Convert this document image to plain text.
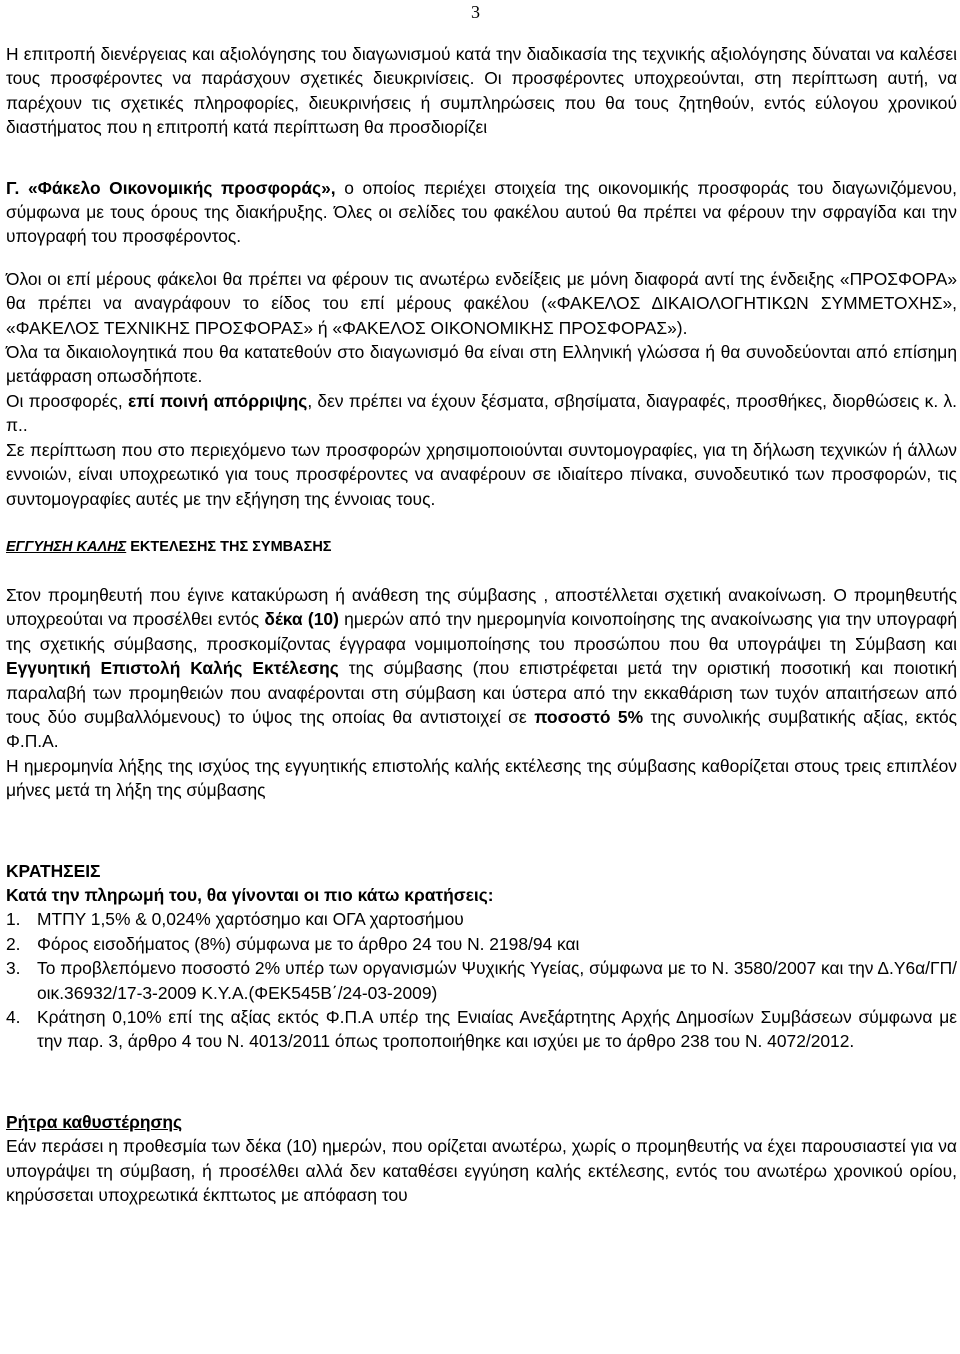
3

Η επιτροπή διενέργειας και αξιολόγησης του διαγωνισμού κατά την διαδικασία της τεχνικής αξιολόγησης δύναται να καλέσει τους προσφέροντες να παράσχουν σχετικές διευκρινίσεις. Οι προσφέροντες υποχρεούνται, στη περίπτωση αυτή, να παρέχουν τις σχετικές πληροφορίες, διευκρινήσεις ή συμπληρώσεις που θα τους ζητηθούν, εντός εύλογου χρονικού διαστήματος που η επιτροπή κατά περίπτωση θα προσδιορίζει

Γ. «Φάκελο Οικονομικής προσφοράς», ο οποίος περιέχει στοιχεία της οικονομικής προσφοράς του διαγωνιζόμενου, σύμφωνα με τους όρους της διακήρυξης. Όλες οι σελίδες του φακέλου αυτού θα πρέπει να φέρουν την σφραγίδα και την υπογραφή του προσφέροντος.

Όλοι οι επί μέρους φάκελοι θα πρέπει να φέρουν τις ανωτέρω ενδείξεις με μόνη διαφορά αντί της ένδειξης «ΠΡΟΣΦΟΡΑ» θα πρέπει να αναγράφουν το είδος του επί μέρους φακέλου («ΦΑΚΕΛΟΣ ΔΙΚΑΙΟΛΟΓΗΤΙΚΩΝ ΣΥΜΜΕΤΟΧΗΣ», «ΦΑΚΕΛΟΣ ΤΕΧΝΙΚΗΣ ΠΡΟΣΦΟΡΑΣ» ή «ΦΑΚΕΛΟΣ ΟΙΚΟΝΟΜΙΚΗΣ ΠΡΟΣΦΟΡΑΣ»).

Όλα τα δικαιολογητικά που θα κατατεθούν στο διαγωνισμό θα είναι στη Ελληνική γλώσσα ή θα συνοδεύονται από επίσημη μετάφραση οπωσδήποτε.

Οι προσφορές, επί ποινή απόρριψης, δεν πρέπει να έχουν ξέσματα, σβησίματα, διαγραφές, προσθήκες, διορθώσεις κ. λ. π..

Σε περίπτωση που στο περιεχόμενο των προσφορών χρησιμοποιούνται συντομογραφίες, για τη δήλωση τεχνικών ή άλλων εννοιών, είναι υποχρεωτικό για τους προσφέροντες να αναφέρουν σε ιδιαίτερο πίνακα, συνοδευτικό των προσφορών, τις συντομογραφίες αυτές με την εξήγηση της έννοιας τους.

ΕΓΓΥΗΣΗ ΚΑΛΗΣ ΕΚΤΕΛΕΣΗΣ ΤΗΣ ΣΥΜΒΑΣΗΣ

Στον προμηθευτή που έγινε κατακύρωση ή ανάθεση της σύμβασης , αποστέλλεται σχετική ανακοίνωση. Ο προμηθευτής υποχρεούται να προσέλθει εντός δέκα (10) ημερών από την ημερομηνία κοινοποίησης της ανακοίνωσης για την υπογραφή της σχετικής σύμβασης, προσκομίζοντας έγγραφα νομιμοποίησης του προσώπου που θα υπογράψει τη Σύμβαση και Εγγυητική Επιστολή Καλής Εκτέλεσης της σύμβασης (που επιστρέφεται μετά την οριστική ποσοτική και ποιοτική παραλαβή των προμηθειών που αναφέρονται στη σύμβαση και ύστερα από την εκκαθάριση των τυχόν απαιτήσεων από τους δύο συμβαλλόμενους) το ύψος της οποίας θα αντιστοιχεί σε ποσοστό 5% της συνολικής συμβατικής αξίας, εκτός Φ.Π.Α.

Η ημερομηνία λήξης της ισχύος της εγγυητικής επιστολής καλής εκτέλεσης της σύμβασης καθορίζεται στους τρεις επιπλέον μήνες μετά τη λήξη της σύμβασης

ΚΡΑΤΗΣΕΙΣ

Κατά την πληρωμή του, θα γίνονται οι πιο κάτω κρατήσεις:

1. ΜΤΠΥ 1,5% & 0,024% χαρτόσημο και ΟΓΑ χαρτοσήμου
2. Φόρος εισοδήματος (8%) σύμφωνα με το άρθρο 24 του Ν. 2198/94 και
3. Το προβλεπόμενο ποσοστό 2% υπέρ των οργανισμών Ψυχικής Υγείας, σύμφωνα με το Ν. 3580/2007 και την Δ.Υ6α/ΓΠ/οικ.36932/17-3-2009 Κ.Υ.Α.(ΦΕΚ545Β΄/24-03-2009)
4. Κράτηση 0,10% επί της αξίας εκτός Φ.Π.Α υπέρ της Ενιαίας Ανεξάρτητης Αρχής Δημοσίων Συμβάσεων σύμφωνα με την παρ. 3, άρθρο 4 του Ν. 4013/2011 όπως τροποποιήθηκε και ισχύει με το άρθρο 238 του Ν. 4072/2012.

Ρήτρα καθυστέρησης

Εάν περάσει η προθεσμία των δέκα (10) ημερών, που ορίζεται ανωτέρω, χωρίς ο προμηθευτής να έχει παρουσιαστεί για να υπογράψει τη σύμβαση, ή προσέλθει αλλά δεν καταθέσει εγγύηση καλής εκτέλεσης, εντός του ανωτέρω χρονικού ορίου, κηρύσσεται υποχρεωτικά έκπτωτος με απόφαση του
